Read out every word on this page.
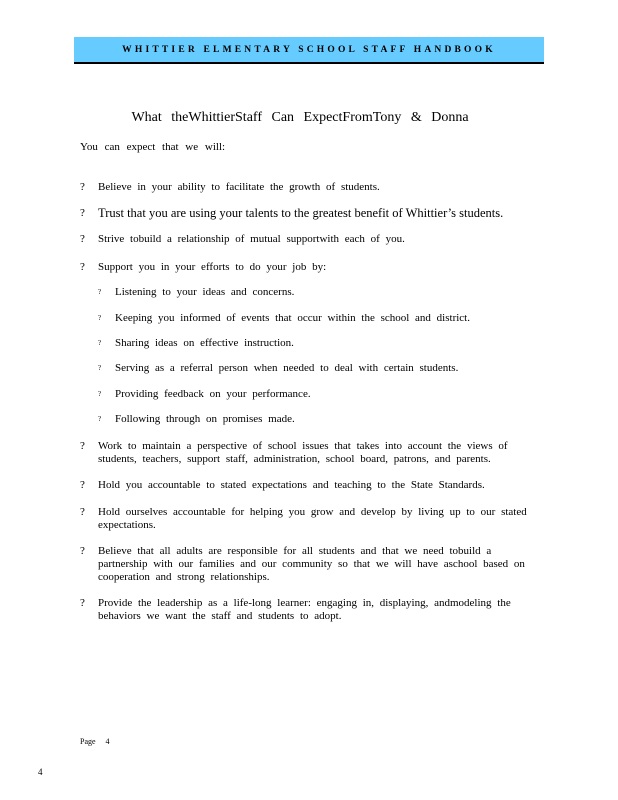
WHITTIER ELMENTARY SCHOOL STAFF HANDBOOK
What theWhittierStaff Can ExpectFromTony & Donna
You can expect that we will:
?	Believe in your ability to facilitate the growth of students.
?	Trust that you are using your talents to the greatest benefit of Whittier’s students.
?	Strive tobuild a relationship of mutual supportwith each of you.
?	Support you in your efforts to do your job by:
?	Listening to your ideas and concerns.
?	Keeping you informed of events that occur within the school and district.
?	Sharing ideas on effective instruction.
?	Serving as a referral person when needed to deal with certain students.
?	Providing feedback on your performance.
?	Following through on promises made.
?	Work to maintain a perspective of school issues that takes into account the views of students, teachers, support staff, administration, school board, patrons, and parents.
?	Hold you accountable to stated expectations and teaching to the State Standards.
?	Hold ourselves accountable for helping you grow and develop by living up to our stated expectations.
?	Believe that all adults are responsible for all students and that we need tobuild a partnership with our families and our community so that we will have aschool based on cooperation and strong relationships.
?	Provide the leadership as a life-long learner: engaging in, displaying, andmodeling the behaviors we want the staff and students to adopt.
Page 4
4
